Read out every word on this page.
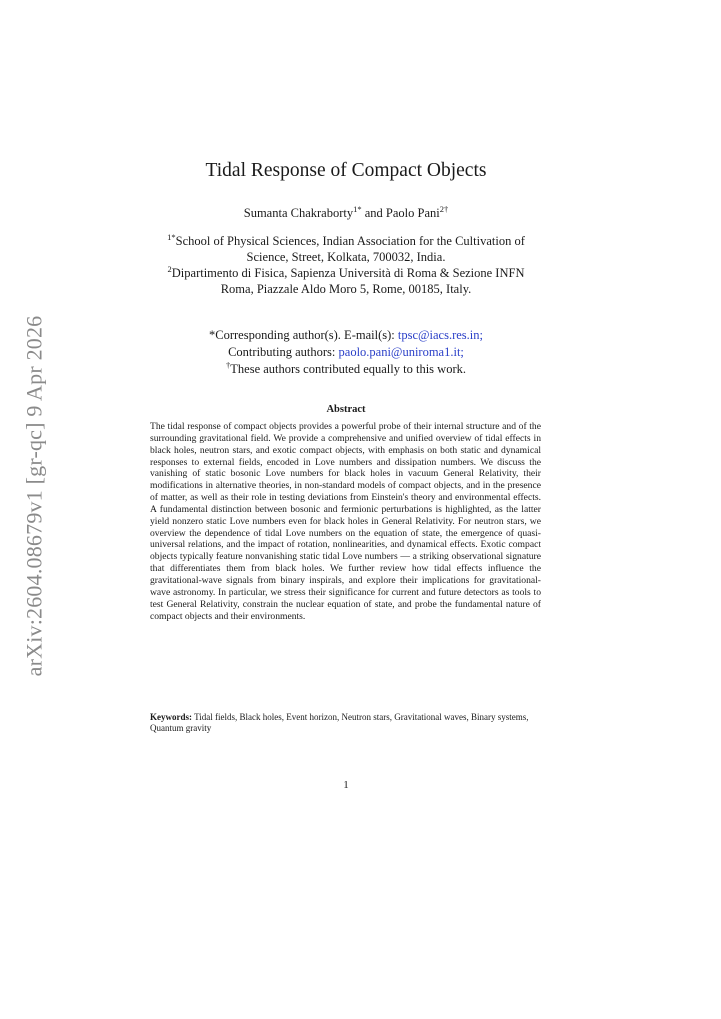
arXiv:2604.08679v1 [gr-qc] 9 Apr 2026
Tidal Response of Compact Objects
Sumanta Chakraborty$^{1*}$ and Paolo Pani$^{2\dagger}$
$^{1*}$School of Physical Sciences, Indian Association for the Cultivation of
Science, Street, Kolkata, 700032, India.
$^2$Dipartimento di Fisica, Sapienza Università di Roma & Sezione INFN
Roma, Piazzale Aldo Moro 5, Rome, 00185, Italy.
*Corresponding author(s). E-mail(s): tpsc@iacs.res.in;
Contributing authors: paolo.pani@uniroma1.it;
†These authors contributed equally to this work.
Abstract

The tidal response of compact objects provides a powerful probe of their internal structure and of the surrounding gravitational field. We provide a comprehensive and unified overview of tidal effects in black holes, neutron stars, and exotic compact objects, with emphasis on both static and dynamical responses to external fields, encoded in Love numbers and dissipation numbers. We discuss the vanishing of static bosonic Love numbers for black holes in vacuum General Relativity, their modifications in alternative theories, in non-standard models of compact objects, and in the presence of matter, as well as their role in testing deviations from Einstein's theory and environmental effects. A fundamental distinction between bosonic and fermionic perturbations is highlighted, as the latter yield nonzero static Love numbers even for black holes in General Relativity. For neutron stars, we overview the dependence of tidal Love numbers on the equation of state, the emergence of quasi-universal relations, and the impact of rotation, nonlinearities, and dynamical effects. Exotic compact objects typically feature nonvanishing static tidal Love numbers — a striking observational signature that differentiates them from black holes. We further review how tidal effects influence the gravitational-wave signals from binary inspirals, and explore their implications for gravitational-wave astronomy. In particular, we stress their significance for current and future detectors as tools to test General Relativity, constrain the nuclear equation of state, and probe the fundamental nature of compact objects and their environments.

Keywords: Tidal fields, Black holes, Event horizon, Neutron stars, Gravitational waves, Binary systems, Quantum gravity

1
